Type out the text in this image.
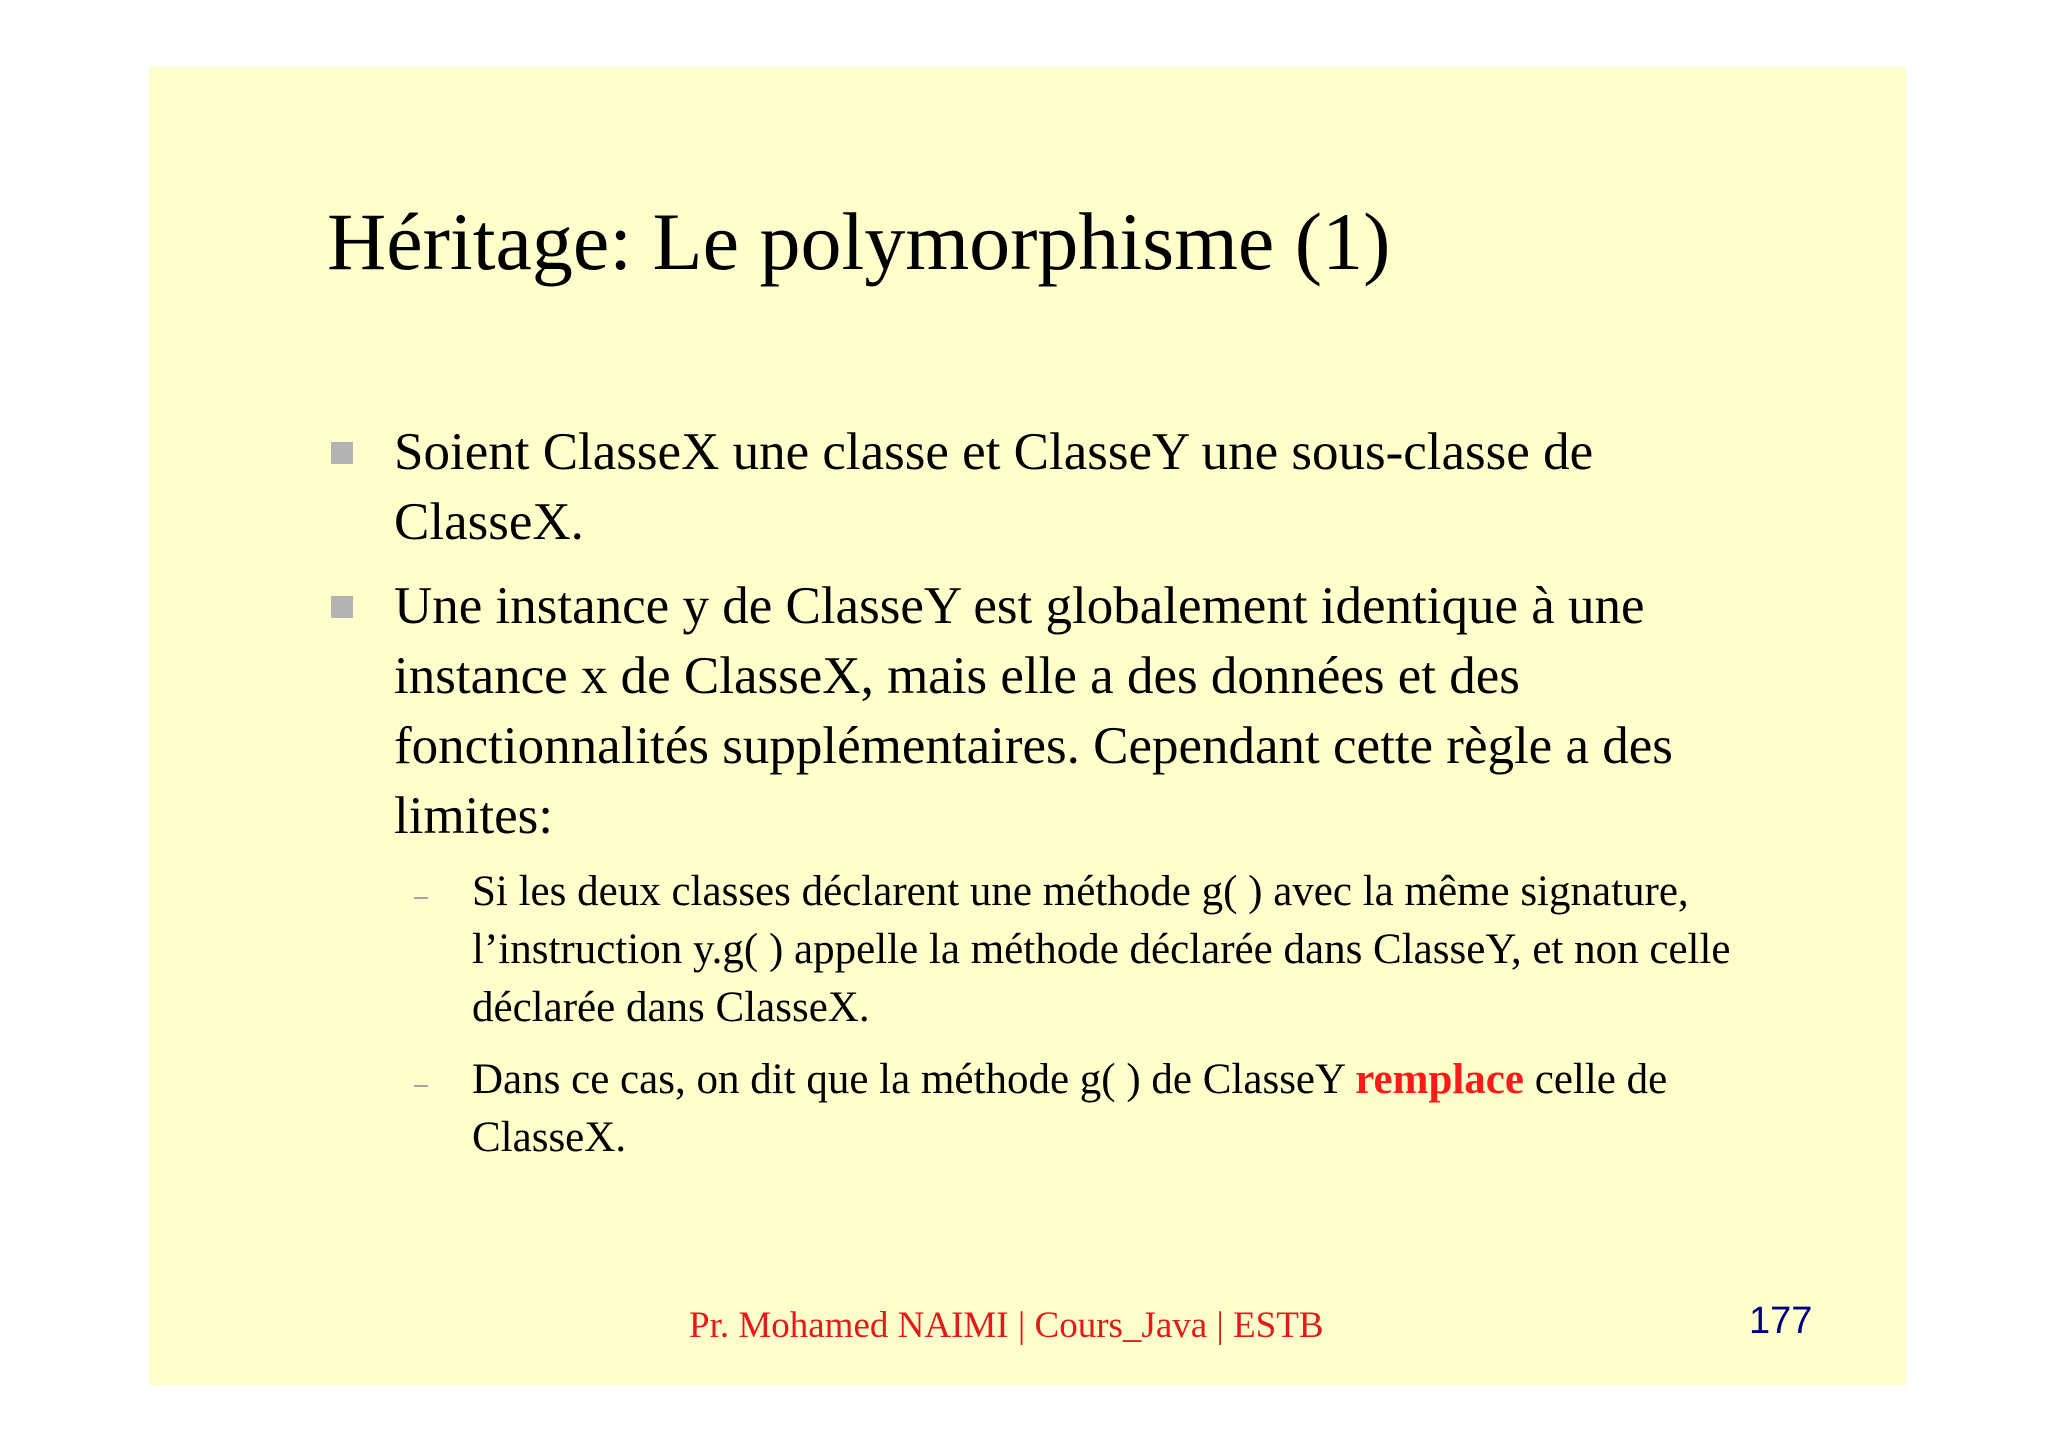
Héritage: Le polymorphisme (1)
Soient ClasseX une classe et ClasseY une sous-classe de ClasseX.
Une instance y de ClasseY est globalement identique à une instance x de ClasseX, mais elle a des données et des fonctionnalités supplémentaires. Cependant cette règle a des limites:
Si les deux classes déclarent une méthode g( ) avec la même signature, l’instruction y.g( ) appelle la méthode déclarée dans ClasseY, et non celle déclarée dans ClasseX.
Dans ce cas, on dit que la méthode g( ) de ClasseY remplace celle de ClasseX.
Pr. Mohamed NAIMI | Cours_Java | ESTB	177
